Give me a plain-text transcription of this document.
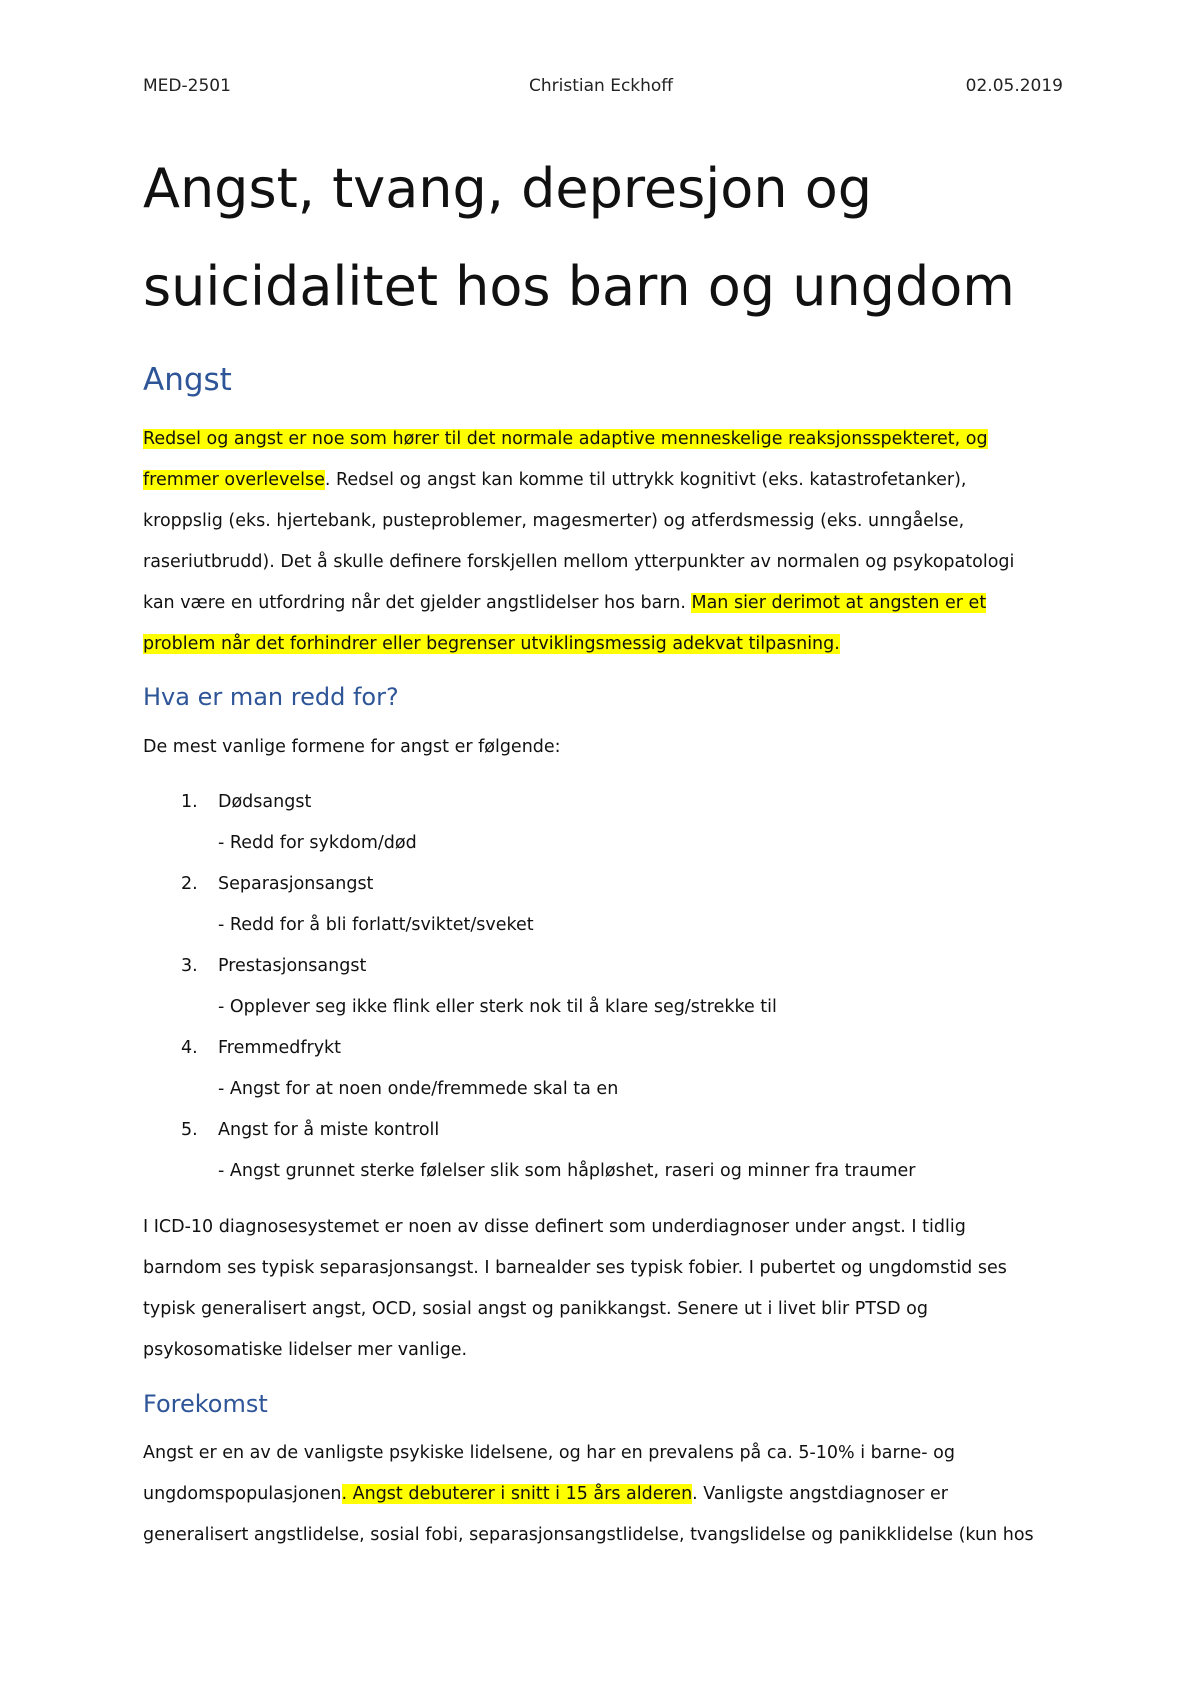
MED-2501	Christian Eckhoff	02.05.2019
Angst, tvang, depresjon og
suicidalitet hos barn og ungdom
Angst

Redsel og angst er noe som hører til det normale adaptive menneskelige reaksjonsspekteret, og
fremmer overlevelse. Redsel og angst kan komme til uttrykk kognitivt (eks. katastrofetanker),
kroppslig (eks. hjertebank, pusteproblemer, magesmerter) og atferdsmessig (eks. unngåelse,
raseriutbrudd). Det å skulle definere forskjellen mellom ytterpunkter av normalen og psykopatologi
kan være en utfordring når det gjelder angstlidelser hos barn. Man sier derimot at angsten er et
problem når det forhindrer eller begrenser utviklingsmessig adekvat tilpasning.

Hva er man redd for?

De mest vanlige formene for angst er følgende:

1. Dødsangst
- Redd for sykdom/død
2. Separasjonsangst
- Redd for å bli forlatt/sviktet/sveket
3. Prestasjonsangst
- Opplever seg ikke flink eller sterk nok til å klare seg/strekke til
4. Fremmedfrykt
- Angst for at noen onde/fremmede skal ta en
5. Angst for å miste kontroll
- Angst grunnet sterke følelser slik som håpløshet, raseri og minner fra traumer

I ICD-10 diagnosesystemet er noen av disse definert som underdiagnoser under angst. I tidlig
barndom ses typisk separasjonsangst. I barnealder ses typisk fobier. I pubertet og ungdomstid ses
typisk generalisert angst, OCD, sosial angst og panikkangst. Senere ut i livet blir PTSD og
psykosomatiske lidelser mer vanlige.

Forekomst

Angst er en av de vanligste psykiske lidelsene, og har en prevalens på ca. 5-10% i barne- og
ungdomspopulasjonen. Angst debuterer i snitt i 15 års alderen. Vanligste angstdiagnoser er
generalisert angstlidelse, sosial fobi, separasjonsangstlidelse, tvangslidelse og panikklidelse (kun hos
